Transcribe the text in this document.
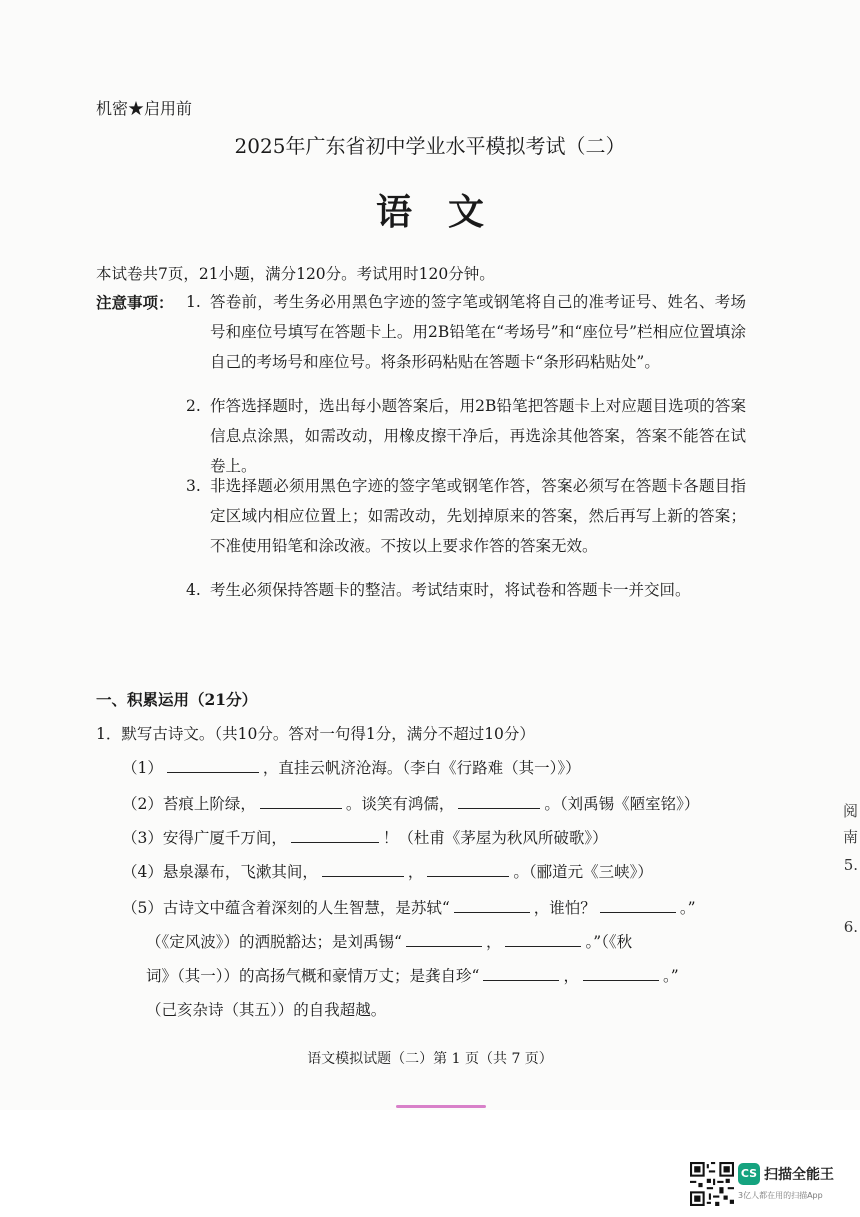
机密★启用前
2025年广东省初中学业水平模拟考试（二）
语文
本试卷共7页，21小题，满分120分。考试用时120分钟。
注意事项： 1. 答卷前，考生务必用黑色字迹的签字笔或钢笔将自己的准考证号、姓名、考场号和座位号填写在答题卡上。用2B铅笔在“考场号”和“座位号”栏相应位置填涂自己的考场号和座位号。将条形码粘贴在答题卡“条形码粘贴处”。
2. 作答选择题时，选出每小题答案后，用2B铅笔把答题卡上对应题目选项的答案信息点涂黑，如需改动，用橡皮擦干净后，再选涂其他答案，答案不能答在试卷上。
3. 非选择题必须用黑色字迹的签字笔或钢笔作答，答案必须写在答题卡各题目指定区域内相应位置上；如需改动，先划掉原来的答案，然后再写上新的答案；不准使用铅笔和涂改液。不按以上要求作答的答案无效。
4. 考生必须保持答题卡的整洁。考试结束时，将试卷和答题卡一并交回。
一、积累运用（21分）
1．默写古诗文。（共10分。答对一句得1分，满分不超过10分）
（1）	，直挂云帆济沧海。（李白《行路难（其一）》）
（2）苔痕上阶绿，	。谈笑有鸿儒，	。（刘禹锡《陋室铭》）
（3）安得广厦千万间，	！（杜甫《茅屋为秋风所破歌》）
（4）悬泉瀑布，飞漱其间，	，	。（郦道元《三峡》）
（5）古诗文中蕴含着深刻的人生智慧，是苏轼“	，谁怕？	。”
（《定风波》）的洒脱豁达；是刘禹锡“	，	。”（《秋
词》（其一））的高扬气概和豪情万丈；是龚自珍“	，	。”
（己亥杂诗（其五））的自我超越。
语文模拟试题（二）第 1 页（共 7 页）
阅
南
5.
6.
CS 扫描全能王
3亿人都在用的扫描App
